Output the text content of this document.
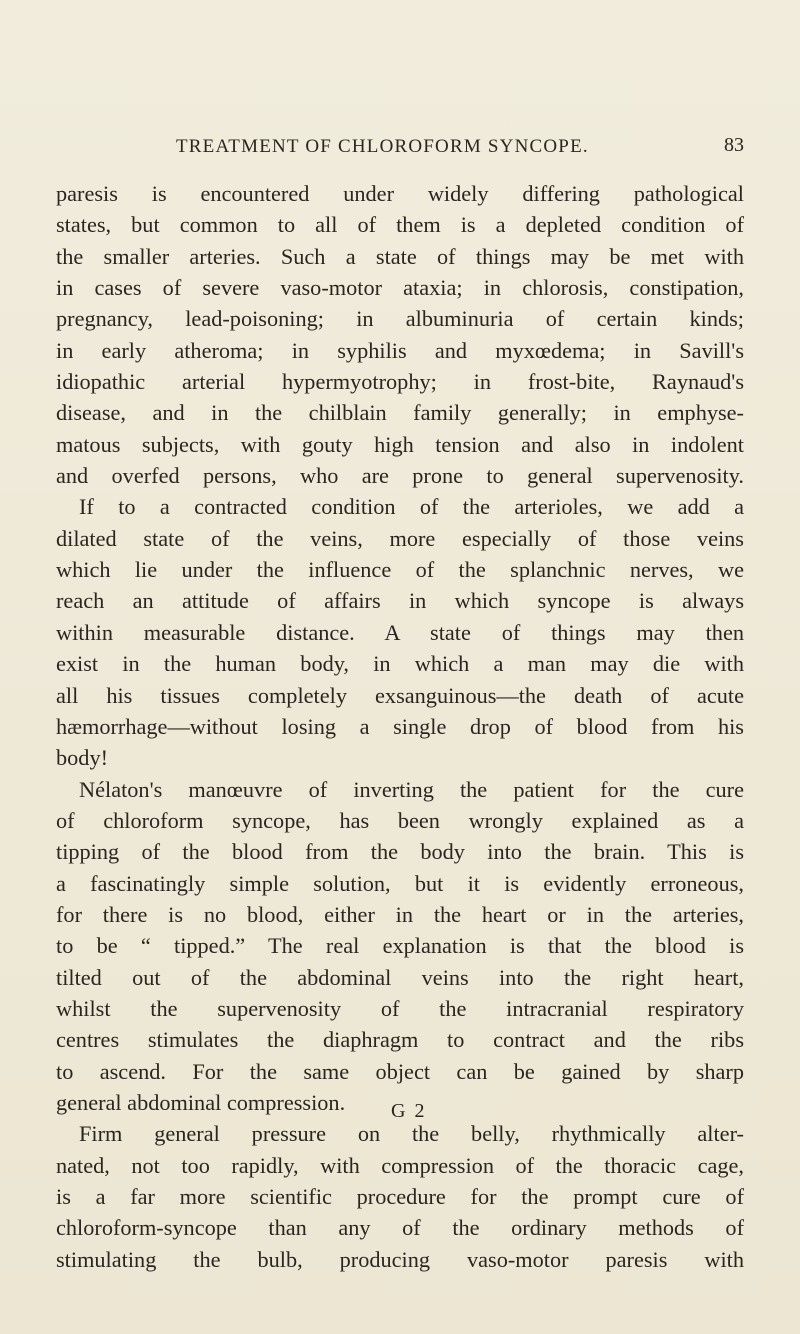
TREATMENT OF CHLOROFORM SYNCOPE.	83
paresis is encountered under widely differing pathological
states, but common to all of them is a depleted condition of
the smaller arteries. Such a state of things may be met with
in cases of severe vaso-motor ataxia; in chlorosis, constipation,
pregnancy, lead-poisoning; in albuminuria of certain kinds;
in early atheroma; in syphilis and myxœdema; in Savill's
idiopathic arterial hypermyotrophy; in frost-bite, Raynaud's
disease, and in the chilblain family generally; in emphyse-
matous subjects, with gouty high tension and also in indolent
and overfed persons, who are prone to general supervenosity.
If to a contracted condition of the arterioles, we add a
dilated state of the veins, more especially of those veins
which lie under the influence of the splanchnic nerves, we
reach an attitude of affairs in which syncope is always
within measurable distance. A state of things may then
exist in the human body, in which a man may die with
all his tissues completely exsanguinous—the death of acute
hæmorrhage—without losing a single drop of blood from his
body!
Nélaton's manœuvre of inverting the patient for the cure
of chloroform syncope, has been wrongly explained as a
tipping of the blood from the body into the brain. This is
a fascinatingly simple solution, but it is evidently erroneous,
for there is no blood, either in the heart or in the arteries,
to be “ tipped.” The real explanation is that the blood is
tilted out of the abdominal veins into the right heart,
whilst the supervenosity of the intracranial respiratory
centres stimulates the diaphragm to contract and the ribs
to ascend. For the same object can be gained by sharp
general abdominal compression.
Firm general pressure on the belly, rhythmically alter-
nated, not too rapidly, with compression of the thoracic cage,
is a far more scientific procedure for the prompt cure of
chloroform-syncope than any of the ordinary methods of
stimulating the bulb, producing vaso-motor paresis with
G 2
